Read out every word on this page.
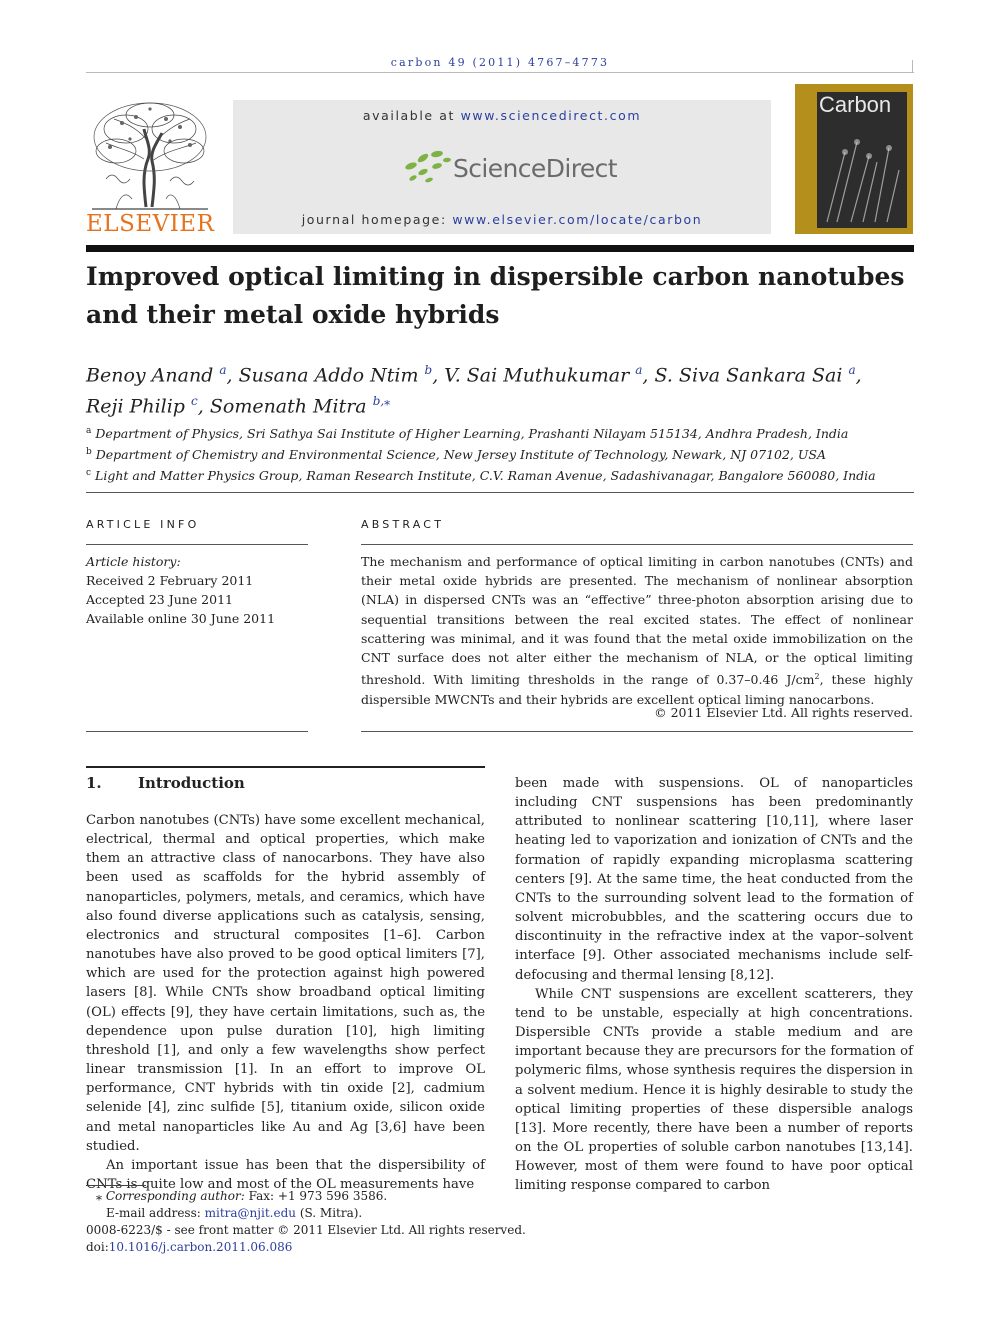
carbon 49 (2011) 4767–4773
ELSEVIER
available at www.sciencedirect.com
ScienceDirect
journal homepage: www.elsevier.com/locate/carbon
Carbon
Improved optical limiting in dispersible carbon nanotubes and their metal oxide hybrids
Benoy Anand $^a$, Susana Addo Ntim $^b$, V. Sai Muthukumar $^a$, S. Siva Sankara Sai $^a$,
Reji Philip $^c$, Somenath Mitra $^{b,⁎}$
$^a$ Department of Physics, Sri Sathya Sai Institute of Higher Learning, Prashanti Nilayam 515134, Andhra Pradesh, India
$^b$ Department of Chemistry and Environmental Science, New Jersey Institute of Technology, Newark, NJ 07102, USA
$^c$ Light and Matter Physics Group, Raman Research Institute, C.V. Raman Avenue, Sadashivanagar, Bangalore 560080, India
ARTICLE INFO
Article history:
Received 2 February 2011
Accepted 23 June 2011
Available online 30 June 2011
ABSTRACT
The mechanism and performance of optical limiting in carbon nanotubes (CNTs) and their metal oxide hybrids are presented. The mechanism of nonlinear absorption (NLA) in dispersed CNTs was an “effective” three-photon absorption arising due to sequential transitions between the real excited states. The effect of nonlinear scattering was minimal, and it was found that the metal oxide immobilization on the CNT surface does not alter either the mechanism of NLA, or the optical limiting threshold. With limiting thresholds in the range of 0.37–0.46 $J/cm^2$, these highly dispersible MWCNTs and their hybrids are excellent optical liming nanocarbons.
© 2011 Elsevier Ltd. All rights reserved.
1. Introduction

Carbon nanotubes (CNTs) have some excellent mechanical, electrical, thermal and optical properties, which make them an attractive class of nanocarbons. They have also been used as scaffolds for the hybrid assembly of nanoparticles, polymers, metals, and ceramics, which have also found diverse applications such as catalysis, sensing, electronics and structural composites [1–6]. Carbon nanotubes have also proved to be good optical limiters [7], which are used for the protection against high powered lasers [8]. While CNTs show broadband optical limiting (OL) effects [9], they have certain limitations, such as, the dependence upon pulse duration [10], high limiting threshold [1], and only a few wavelengths show perfect linear transmission [1]. In an effort to improve OL performance, CNT hybrids with tin oxide [2], cadmium selenide [4], zinc sulfide [5], titanium oxide, silicon oxide and metal nanoparticles like Au and Ag [3,6] have been studied.

An important issue has been that the dispersibility of CNTs is quite low and most of the OL measurements have

been made with suspensions. OL of nanoparticles including CNT suspensions has been predominantly attributed to nonlinear scattering [10,11], where laser heating led to vaporization and ionization of CNTs and the formation of rapidly expanding microplasma scattering centers [9]. At the same time, the heat conducted from the CNTs to the surrounding solvent lead to the formation of solvent microbubbles, and the scattering occurs due to discontinuity in the refractive index at the vapor–solvent interface [9]. Other associated mechanisms include self-defocusing and thermal lensing [8,12].

While CNT suspensions are excellent scatterers, they tend to be unstable, especially at high concentrations. Dispersible CNTs provide a stable medium and are important because they are precursors for the formation of polymeric films, whose synthesis requires the dispersion in a solvent medium. Hence it is highly desirable to study the optical limiting properties of these dispersible analogs [13]. More recently, there have been a number of reports on the OL properties of soluble carbon nanotubes [13,14]. However, most of them were found to have poor optical limiting response compared to carbon

⁎ Corresponding author: Fax: +1 973 596 3586.
E-mail address: mitra@njit.edu (S. Mitra).
0008-6223/$ - see front matter © 2011 Elsevier Ltd. All rights reserved.
doi:10.1016/j.carbon.2011.06.086
